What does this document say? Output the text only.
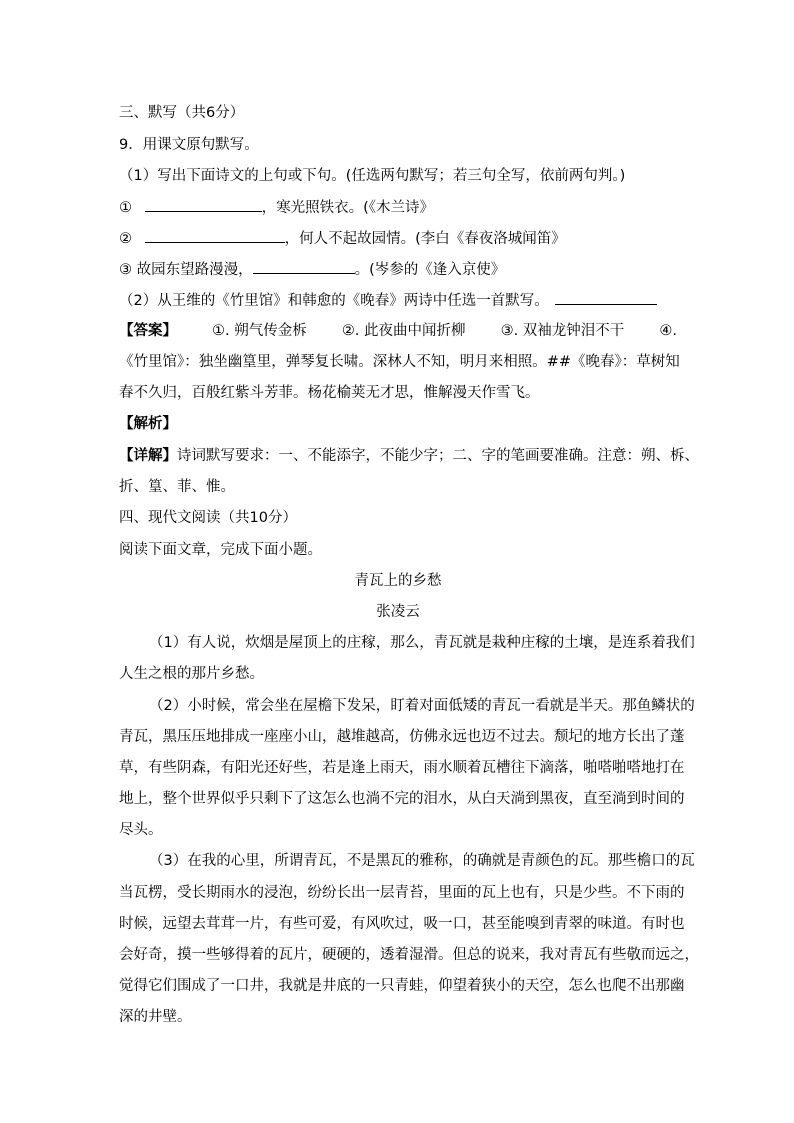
三、默写（共6分）
9．用课文原句默写。
（1）写出下面诗文的上句或下句。(任选两句默写；若三句全写，依前两句判。)
①	，寒光照铁衣。(《木兰诗》
②	，何人不起故园情。(李白《春夜洛城闻笛》
③ 故园东望路漫漫，	。(岑参的《逢入京使》
（2）从王维的《竹里馆》和韩愈的《晚春》两诗中任选一首默写。
【答案】 ①. 朔气传金柝 ②. 此夜曲中闻折柳 ③. 双袖龙钟泪不干 ④.
《竹里馆》：独坐幽篁里，弹琴复长啸。深林人不知，明月来相照。##《晚春》：草树知
春不久归，百般红紫斗芳菲。杨花榆荚无才思，惟解漫天作雪飞。
【解析】
【详解】诗词默写要求：一、不能添字，不能少字；二、字的笔画要准确。注意：朔、柝、
折、篁、菲、惟。
四、现代文阅读（共10分）
阅读下面文章，完成下面小题。
青瓦上的乡愁
张凌云
（1）有人说，炊烟是屋顶上的庄稼，那么，青瓦就是栽种庄稼的土壤，是连系着我们
人生之根的那片乡愁。
（2）小时候，常会坐在屋檐下发呆，盯着对面低矮的青瓦一看就是半天。那鱼鳞状的
青瓦，黑压压地排成一座座小山，越堆越高，仿佛永远也迈不过去。颓圮的地方长出了蓬
草，有些阴森，有阳光还好些，若是逢上雨天，雨水顺着瓦槽往下滴落，啪嗒啪嗒地打在
地上，整个世界似乎只剩下了这怎么也淌不完的泪水，从白天淌到黑夜，直至淌到时间的
尽头。
（3）在我的心里，所谓青瓦，不是黑瓦的雅称，的确就是青颜色的瓦。那些檐口的瓦
当瓦楞，受长期雨水的浸泡，纷纷长出一层青苔，里面的瓦上也有，只是少些。不下雨的
时候，远望去茸茸一片，有些可爱，有风吹过，吸一口，甚至能嗅到青翠的味道。有时也
会好奇，摸一些够得着的瓦片，硬硬的，透着湿滑。但总的说来，我对青瓦有些敬而远之，
觉得它们围成了一口井，我就是井底的一只青蛙，仰望着狭小的天空，怎么也爬不出那幽
深的井壁。
